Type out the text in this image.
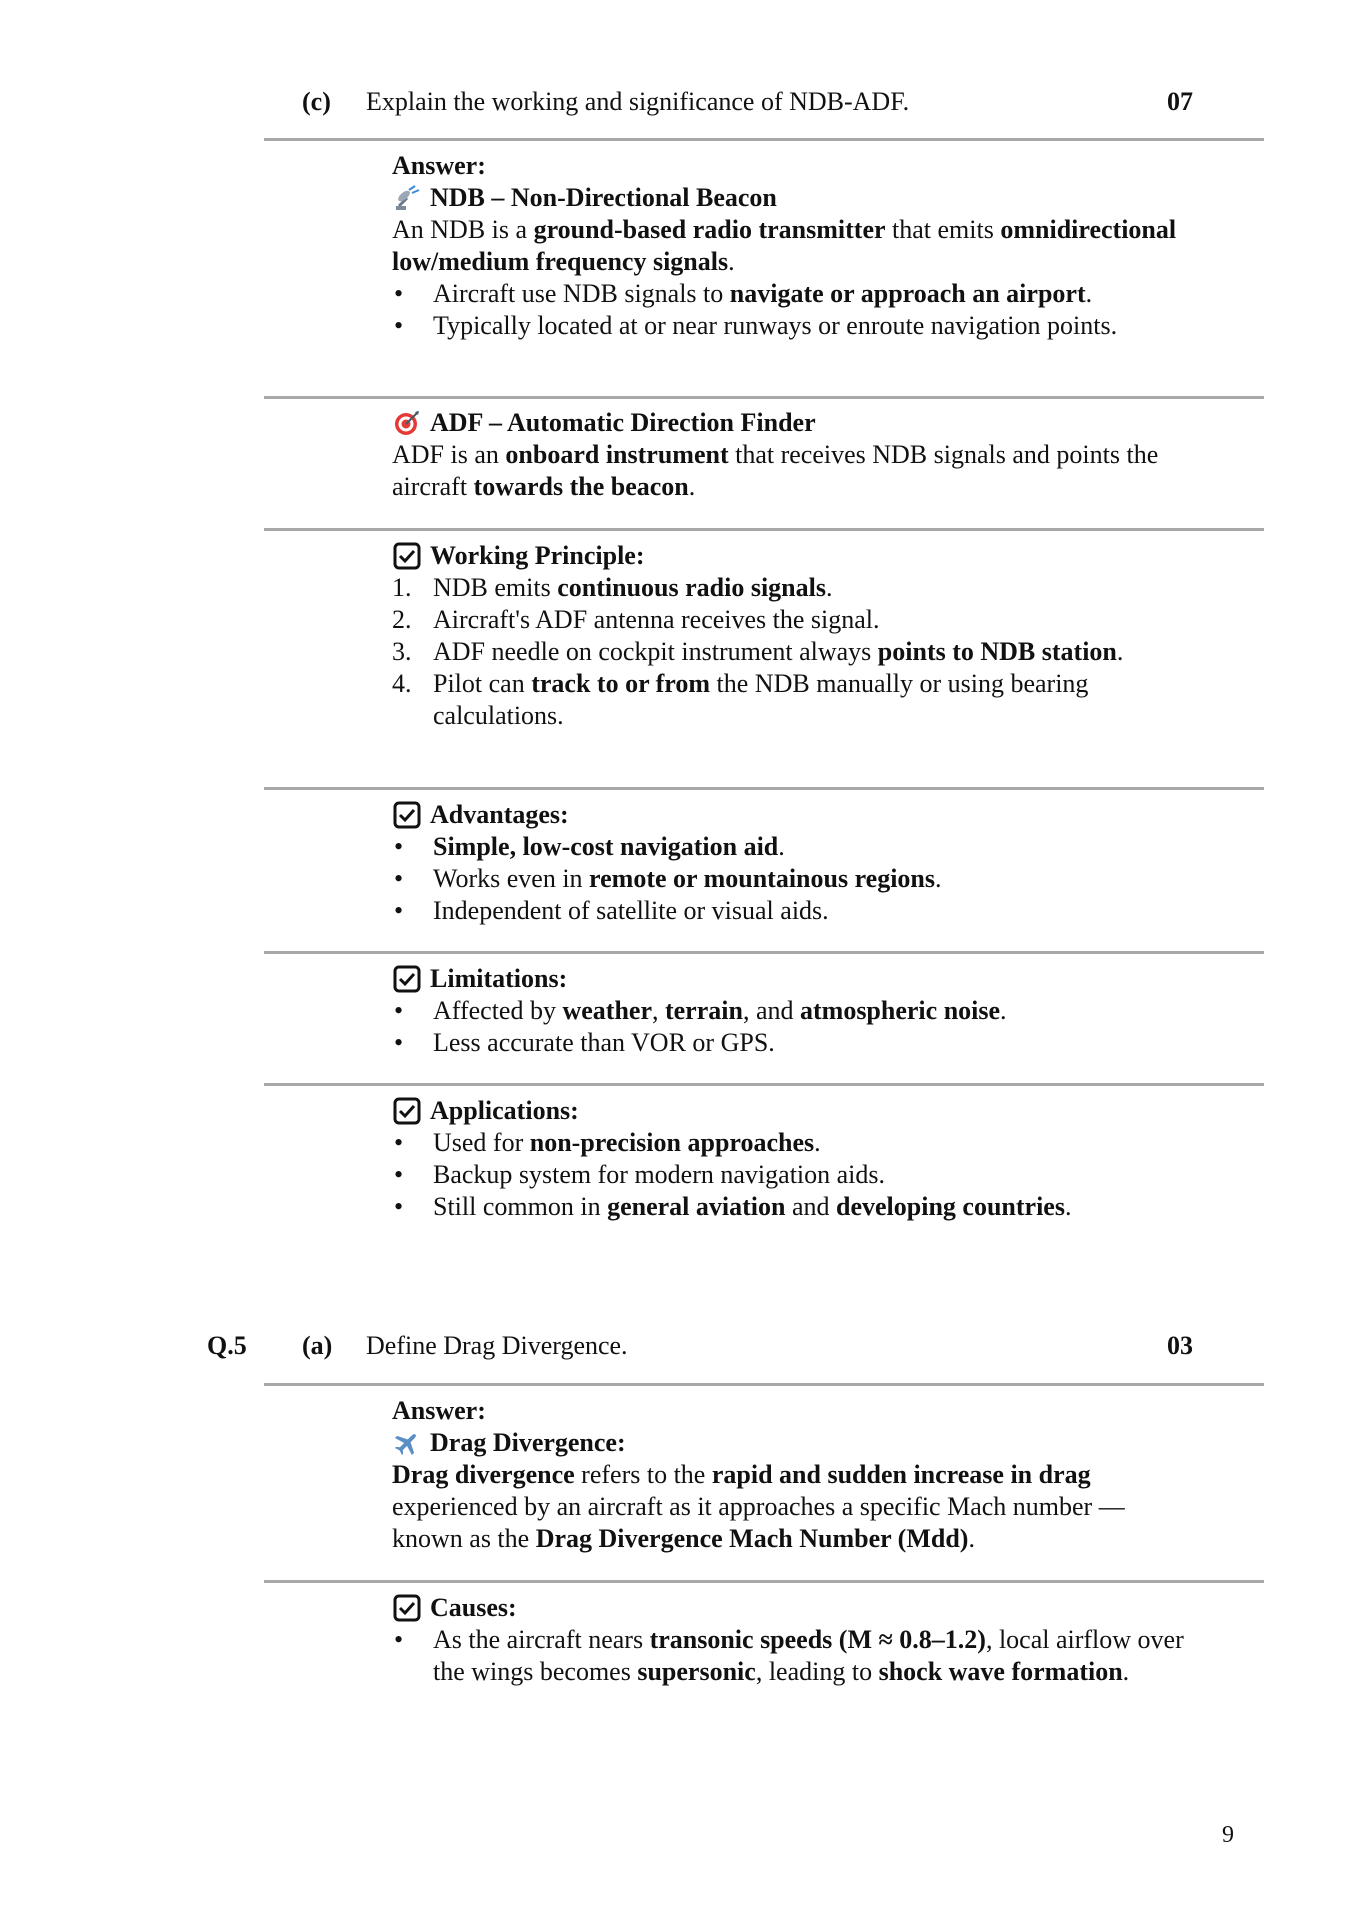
(c) Explain the working and significance of NDB-ADF.	07

Answer:

NDB – Non-Directional Beacon

An NDB is a ground-based radio transmitter that emits omnidirectional low/medium frequency signals.

• Aircraft use NDB signals to navigate or approach an airport.
• Typically located at or near runways or enroute navigation points.
ADF – Automatic Direction Finder

ADF is an onboard instrument that receives NDB signals and points the aircraft towards the beacon.

Working Principle:
1. NDB emits continuous radio signals.
2. Aircraft's ADF antenna receives the signal.
3. ADF needle on cockpit instrument always points to NDB station.
4. Pilot can track to or from the NDB manually or using bearing calculations.
Advantages:
• Simple, low-cost navigation aid.
• Works even in remote or mountainous regions.
• Independent of satellite or visual aids.
Limitations:
• Affected by weather, terrain, and atmospheric noise.
• Less accurate than VOR or GPS.
Applications:
• Used for non-precision approaches.
• Backup system for modern navigation aids.
• Still common in general aviation and developing countries.
Q.5 (a) Define Drag Divergence.	03

Answer:

Drag Divergence:

Drag divergence refers to the rapid and sudden increase in drag experienced by an aircraft as it approaches a specific Mach number — known as the Drag Divergence Mach Number (Mdd).

Causes:
• As the aircraft nears transonic speeds (M ≈ 0.8–1.2), local airflow over the wings becomes supersonic, leading to shock wave formation.
9
